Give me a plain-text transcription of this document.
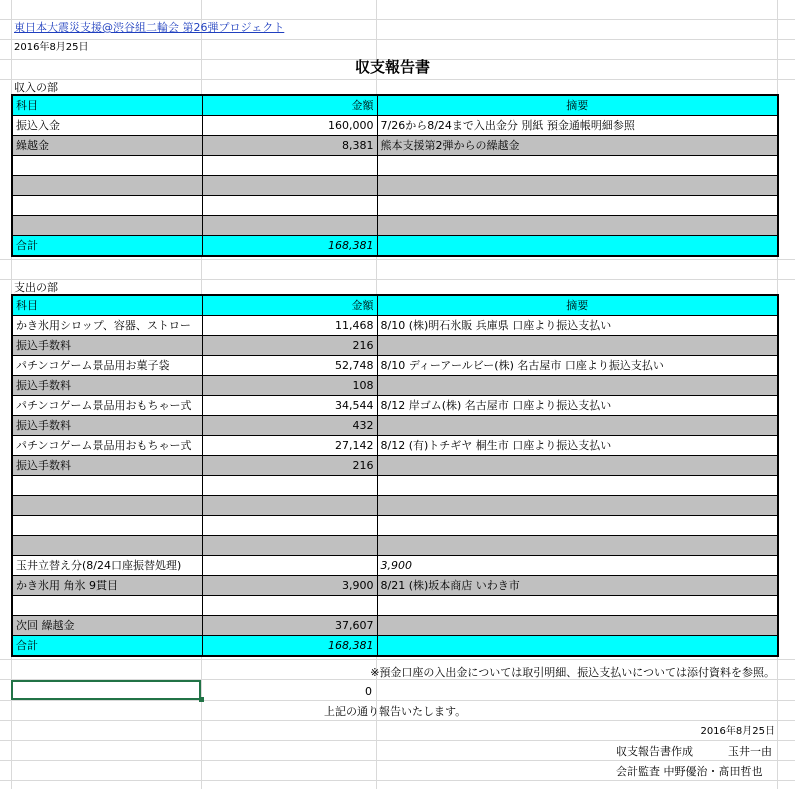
東日本大震災支援@渋谷組二輪会 第26弾プロジェクト
2016年8月25日
収支報告書
収入の部
科目	金額	摘要
振込入金	160,000	7/26から8/24まで入出金分 別紙 預金通帳明細参照
繰越金	8,381	熊本支援第2弾からの繰越金

合計	168,381	
支出の部
科目	金額	摘要
かき氷用シロップ、容器、ストロー	11,468	8/10 (株)明石氷販 兵庫県 口座より振込支払い
振込手数料	216	
パチンコゲーム景品用お菓子袋	52,748	8/10 ディーアールビー(株) 名古屋市 口座より振込支払い
振込手数料	108	
パチンコゲーム景品用おもちゃー式	34,544	8/12 岸ゴム(株) 名古屋市 口座より振込支払い
振込手数料	432	
パチンコゲーム景品用おもちゃー式	27,142	8/12 (有)トチギヤ 桐生市 口座より振込支払い
振込手数料	216	

玉井立替え分(8/24口座振替処理)		3,900
かき氷用 角氷 9貫目	3,900	8/21 (株)坂本商店 いわき市

次回 繰越金	37,607	
合計	168,381	
※預金口座の入出金については取引明細、振込支払いについては添付資料を参照。
0
上記の通り報告いたします。
2016年8月25日
収支報告書作成	玉井一由
会計監査 中野優治・髙田哲也
